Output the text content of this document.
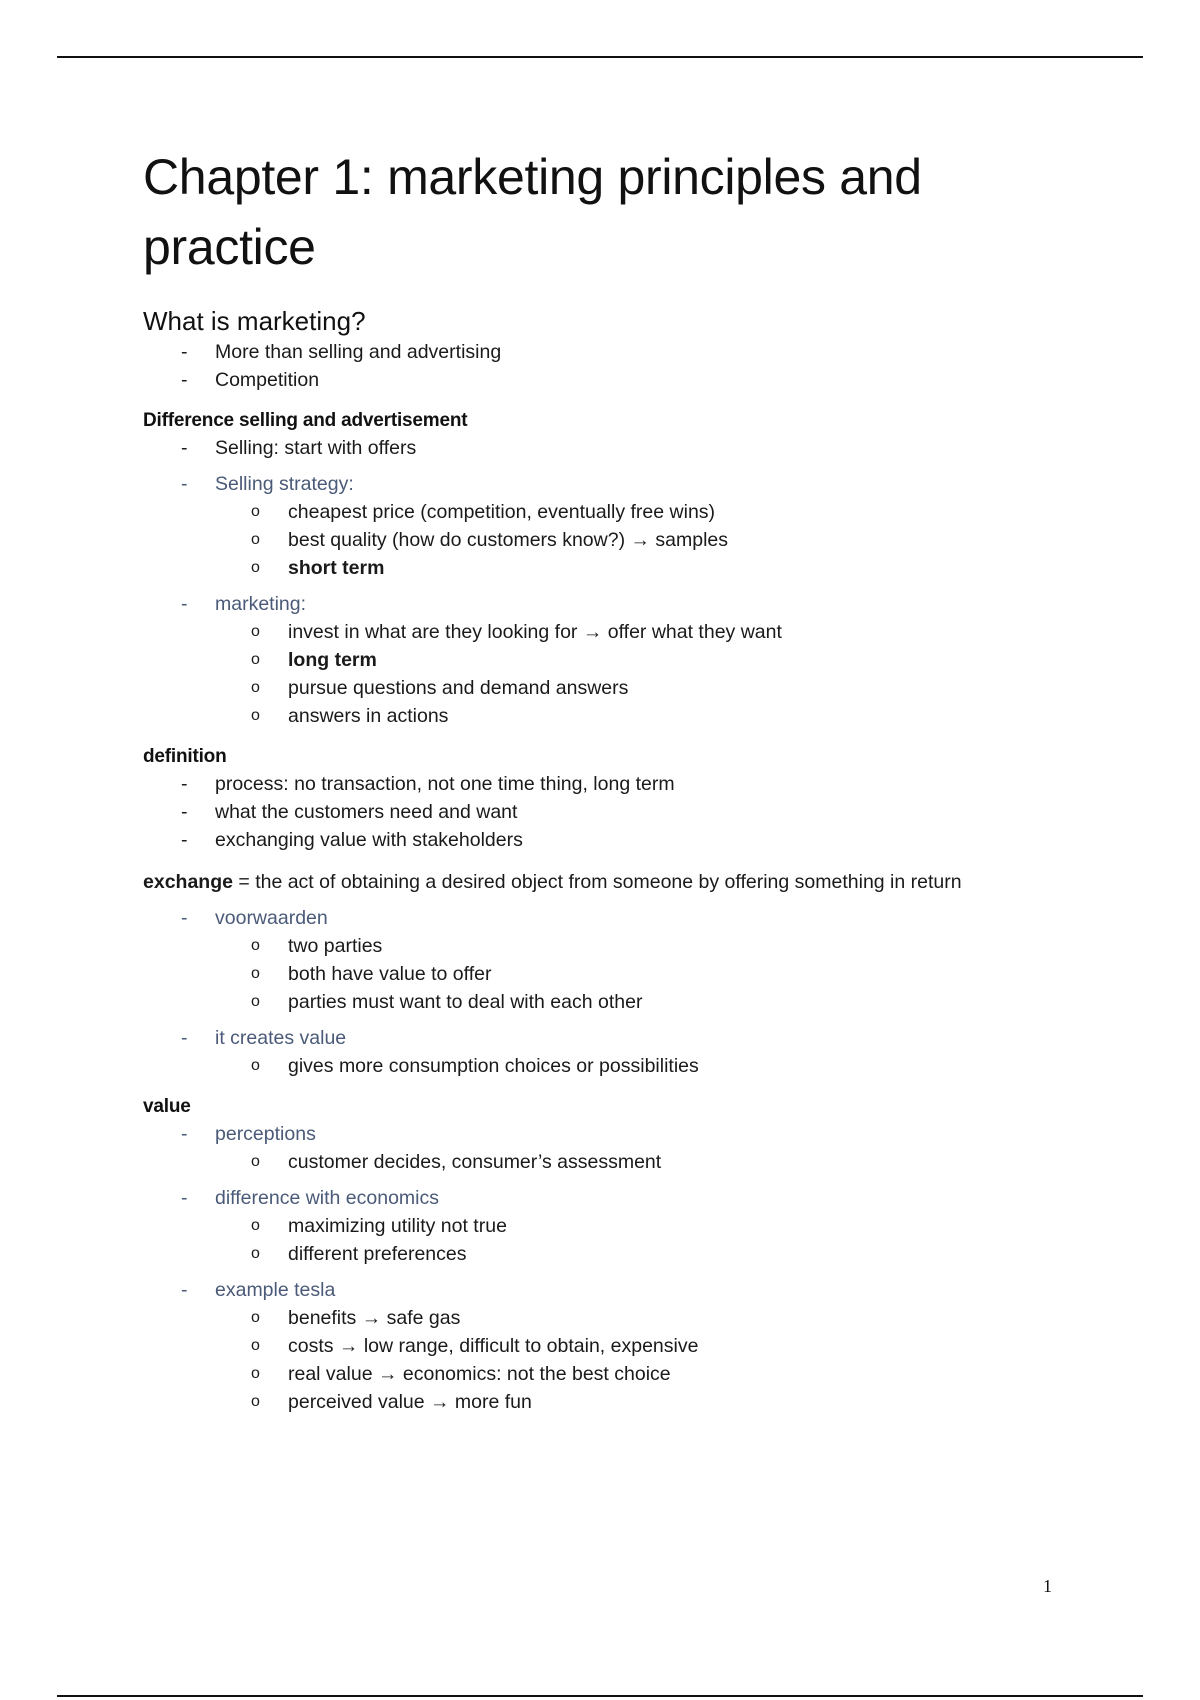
Chapter 1: marketing principles and practice
What is marketing?
- More than selling and advertising
- Competition
Difference selling and advertisement
- Selling: start with offers
- Selling strategy:
o cheapest price (competition, eventually free wins)
o best quality (how do customers know?) → samples
o short term
- marketing:
o invest in what are they looking for → offer what they want
o long term
o pursue questions and demand answers
o answers in actions
definition
- process: no transaction, not one time thing, long term
- what the customers need and want
- exchanging value with stakeholders
exchange = the act of obtaining a desired object from someone by offering something in return
- voorwaarden
o two parties
o both have value to offer
o parties must want to deal with each other
- it creates value
o gives more consumption choices or possibilities
value
- perceptions
o customer decides, consumer’s assessment
- difference with economics
o maximizing utility not true
o different preferences
- example tesla
o benefits → safe gas
o costs → low range, difficult to obtain, expensive
o real value → economics: not the best choice
o perceived value → more fun
1
